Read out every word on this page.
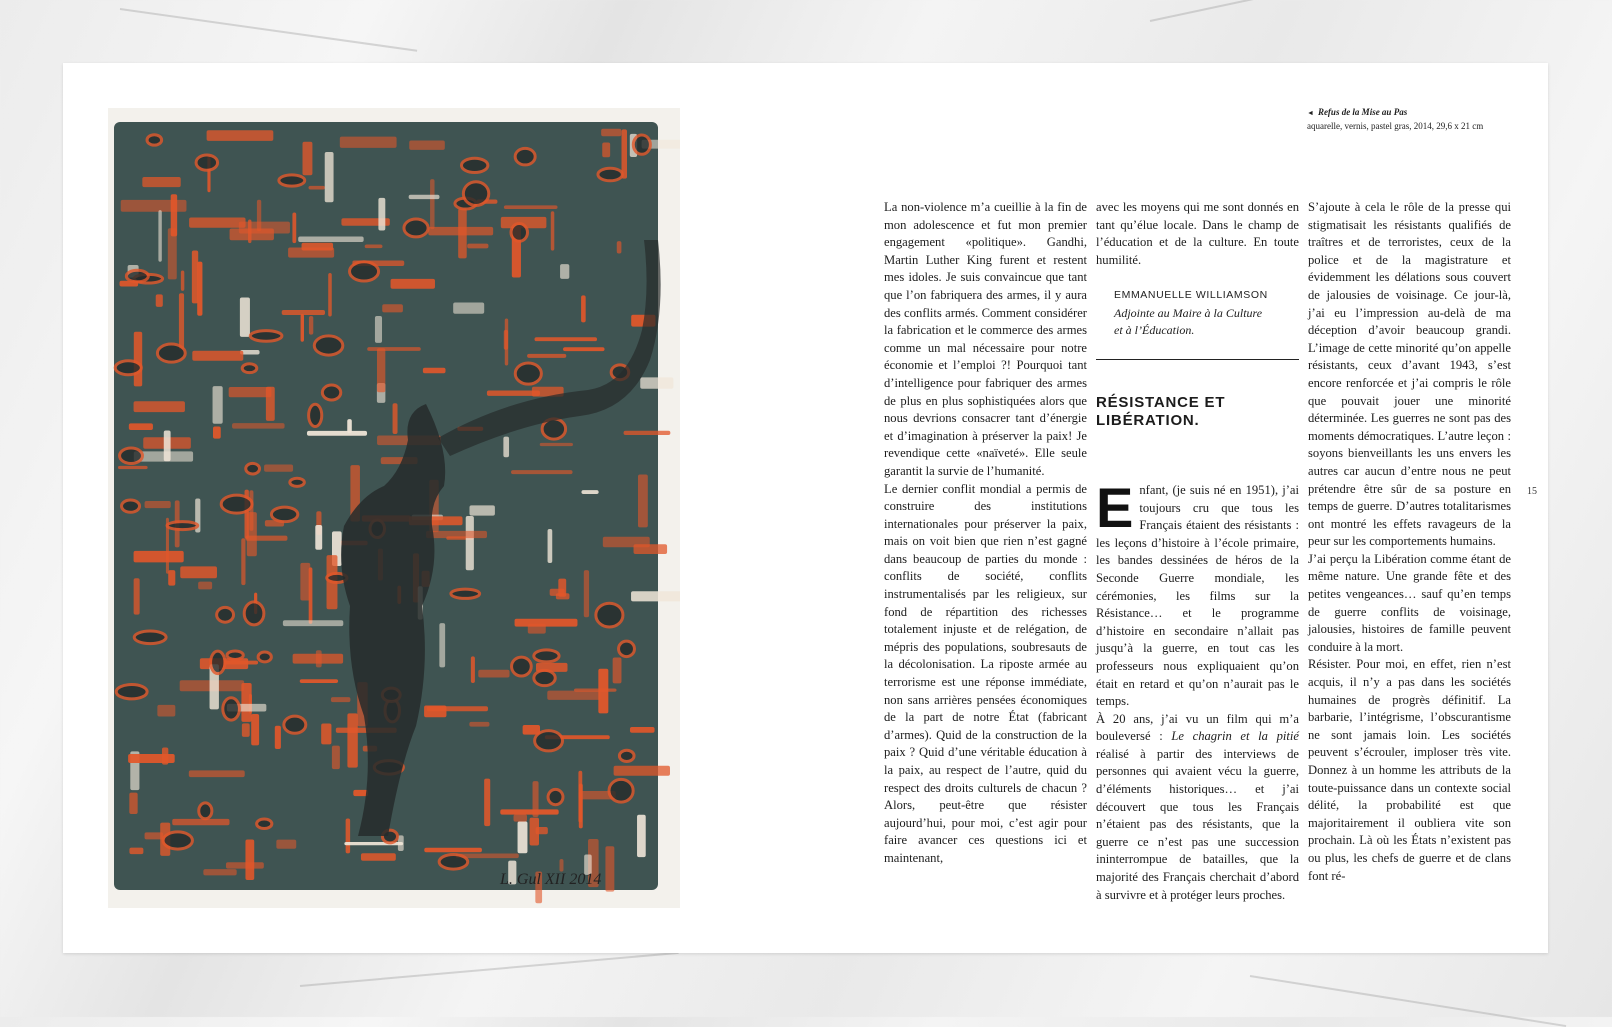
L. Gul XII 2014
◄ Refus de la Mise au Pas
aquarelle, vernis, pastel gras, 2014, 29,6 x 21 cm

La non-violence m’a cueillie à la fin de mon adolescence et fut mon premier engagement «politique». Gandhi, Martin Luther King furent et restent mes idoles. Je suis convaincue que tant que l’on fabriquera des armes, il y aura des conflits armés. Comment considérer la fabrication et le commerce des armes comme un mal nécessaire pour notre économie et l’emploi ?! Pourquoi tant d’intelligence pour fabriquer des armes de plus en plus sophistiquées alors que nous devrions consacrer tant d’énergie et d’imagination à préserver la paix! Je revendique cette «naïveté». Elle seule garantit la survie de l’humanité.

Le dernier conflit mondial a permis de construire des institutions internationales pour préserver la paix, mais on voit bien que rien n’est gagné dans beaucoup de parties du monde : conflits de société, conflits instrumentalisés par les religieux, sur fond de répartition des richesses totalement injuste et de relégation, de mépris des populations, soubresauts de la décolonisation. La riposte armée au terrorisme est une réponse immédiate, non sans arrières pensées économiques de la part de notre État (fabricant d’armes). Quid de la construction de la paix ? Quid d’une véritable éducation à la paix, au respect de l’autre, quid du respect des droits culturels de chacun ? Alors, peut-être que résister aujourd’hui, pour moi, c’est agir pour faire avancer ces questions ici et maintenant,

avec les moyens qui me sont donnés en tant qu’élue locale. Dans le champ de l’éducation et de la culture. En toute humilité.

EMMANUELLE WILLIAMSON
Adjointe au Maire à la Culture
et à l’Éducation.
RÉSISTANCE ET
LIBÉRATION.

Enfant, (je suis né en 1951), j’ai toujours cru que tous les Français étaient des résistants : les leçons d’histoire à l’école primaire, les bandes dessinées de héros de la Seconde Guerre mondiale, les cérémonies, les films sur la Résistance… et le programme d’histoire en secondaire n’allait pas jusqu’à la guerre, en tout cas les professeurs nous expliquaient qu’on était en retard et qu’on n’aurait pas le temps.

À 20 ans, j’ai vu un film qui m’a bouleversé : Le chagrin et la pitié réalisé à partir des interviews de personnes qui avaient vécu la guerre, d’éléments historiques… et j’ai découvert que tous les Français n’étaient pas des résistants, que la guerre ce n’est pas une succession ininterrompue de batailles, que la majorité des Français cherchait d’abord à survivre et à protéger leurs proches.

S’ajoute à cela le rôle de la presse qui stigmatisait les résistants qualifiés de traîtres et de terroristes, ceux de la police et de la magistrature et évidemment les délations sous couvert de jalousies de voisinage. Ce jour-là, j’ai eu l’impression au-delà de ma déception d’avoir beaucoup grandi. L’image de cette minorité qu’on appelle résistants, ceux d’avant 1943, s’est encore renforcée et j’ai compris le rôle que pouvait jouer une minorité déterminée. Les guerres ne sont pas des moments démocratiques. L’autre leçon : soyons bienveillants les uns envers les autres car aucun d’entre nous ne peut prétendre être sûr de sa posture en temps de guerre. D’autres totalitarismes ont montré les effets ravageurs de la peur sur les comportements humains.

J’ai perçu la Libération comme étant de même nature. Une grande fête et des petites vengeances… sauf qu’en temps de guerre conflits de voisinage, jalousies, histoires de famille peuvent conduire à la mort.

Résister. Pour moi, en effet, rien n’est acquis, il n’y a pas dans les sociétés humaines de progrès définitif. La barbarie, l’intégrisme, l’obscurantisme ne sont jamais loin. Les sociétés peuvent s’écrouler, imploser très vite. Donnez à un homme les attributs de la toute-puissance dans un contexte social délité, la probabilité est que majoritairement il oubliera vite son prochain. Là où les États n’existent pas ou plus, les chefs de guerre et de clans font ré-

15
